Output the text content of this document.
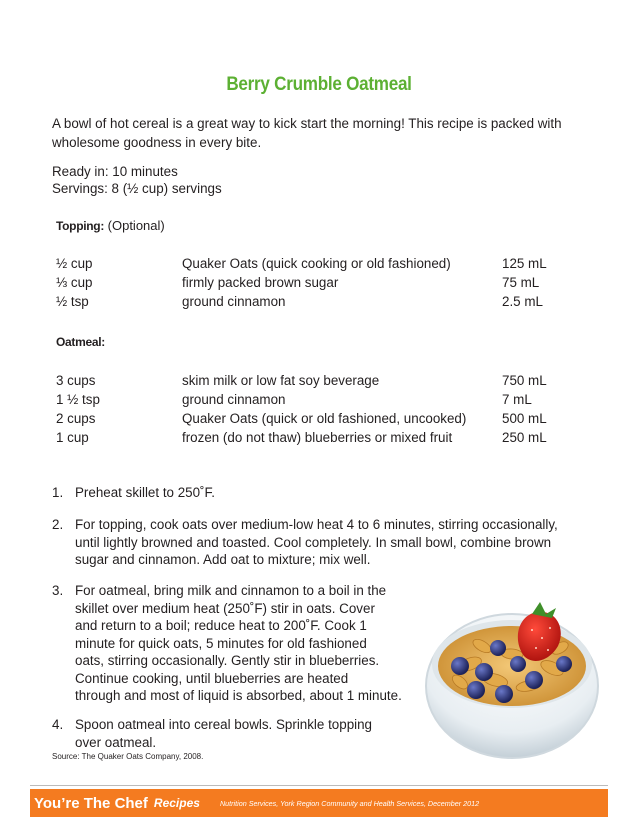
Berry Crumble Oatmeal
A bowl of hot cereal is a great way to kick start the morning! This recipe is packed with wholesome goodness in every bite.
Ready in: 10 minutes
Servings: 8 (½ cup) servings
Topping: (Optional)
½ cup	Quaker Oats (quick cooking or old fashioned)	125 mL
⅓ cup	firmly packed brown sugar	75 mL
½ tsp	ground cinnamon	2.5 mL
Oatmeal:
3 cups	skim milk or low fat soy beverage	750 mL
1 ½ tsp	ground cinnamon	7 mL
2 cups	Quaker Oats (quick or old fashioned, uncooked)	500 mL
1 cup	frozen (do not thaw) blueberries or mixed fruit	250 mL
1. Preheat skillet to 250˚F.
2. For topping, cook oats over medium-low heat 4 to 6 minutes, stirring occasionally,
until lightly browned and toasted. Cool completely. In small bowl, combine brown
sugar and cinnamon. Add oat to mixture; mix well.
3. For oatmeal, bring milk and cinnamon to a boil in the
skillet over medium heat (250˚F) stir in oats. Cover
and return to a boil; reduce heat to 200˚F. Cook 1
minute for quick oats, 5 minutes for old fashioned
oats, stirring occasionally. Gently stir in blueberries.
Continue cooking, until blueberries are heated
through and most of liquid is absorbed, about 1 minute.
4. Spoon oatmeal into cereal bowls. Sprinkle topping
over oatmeal.
Source: The Quaker Oats Company, 2008.
You’re The Chef Recipes	Nutrition Services, York Region Community and Health Services, December 2012
